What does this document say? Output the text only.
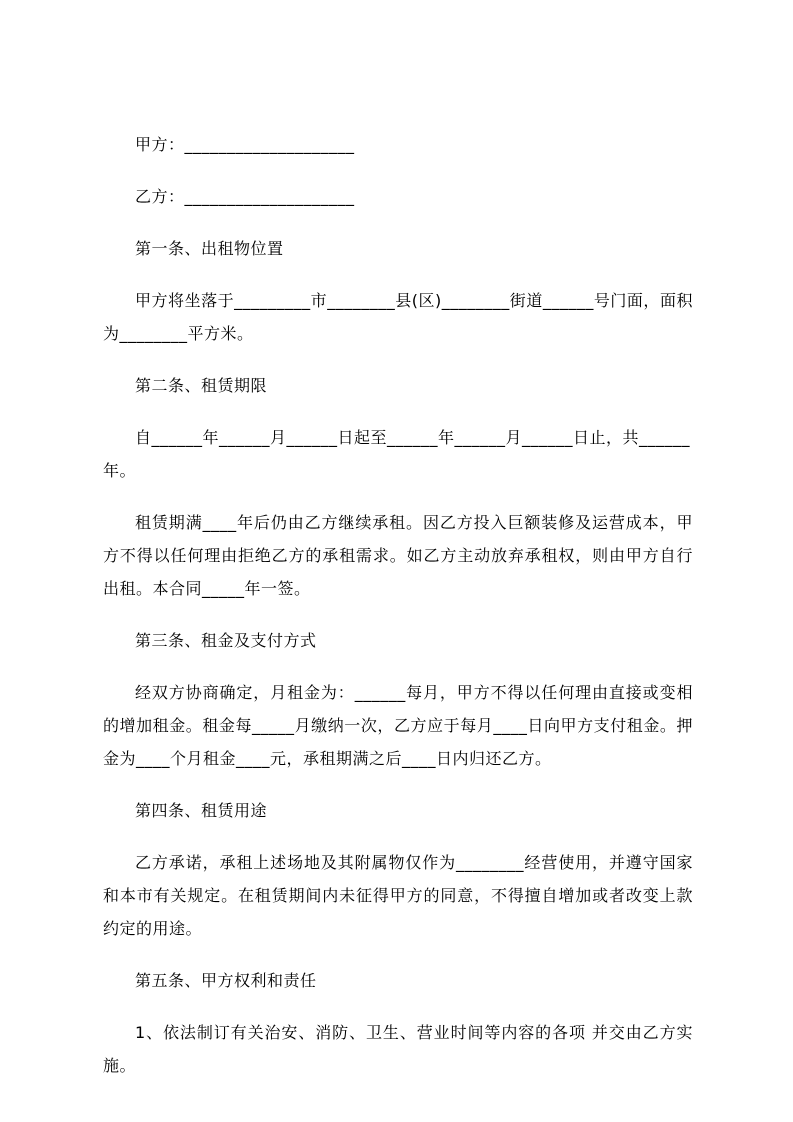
甲方：____________________

乙方：____________________

第一条、出租物位置

甲方将坐落于_________市________县(区)________街道______号门面，面积为________平方米。

第二条、租赁期限

自______年______月______日起至______年______月______日止，共______年。

租赁期满____年后仍由乙方继续承租。因乙方投入巨额装修及运营成本，甲方不得以任何理由拒绝乙方的承租需求。如乙方主动放弃承租权，则由甲方自行出租。本合同_____年一签。

第三条、租金及支付方式

经双方协商确定，月租金为：______每月，甲方不得以任何理由直接或变相的增加租金。租金每_____月缴纳一次，乙方应于每月____日向甲方支付租金。押金为____个月租金____元，承租期满之后____日内归还乙方。

第四条、租赁用途

乙方承诺，承租上述场地及其附属物仅作为________经营使用，并遵守国家和本市有关规定。在租赁期间内未征得甲方的同意，不得擅自增加或者改变上款约定的用途。

第五条、甲方权利和责任

1、依法制订有关治安、消防、卫生、营业时间等内容的各项 并交由乙方实施。
